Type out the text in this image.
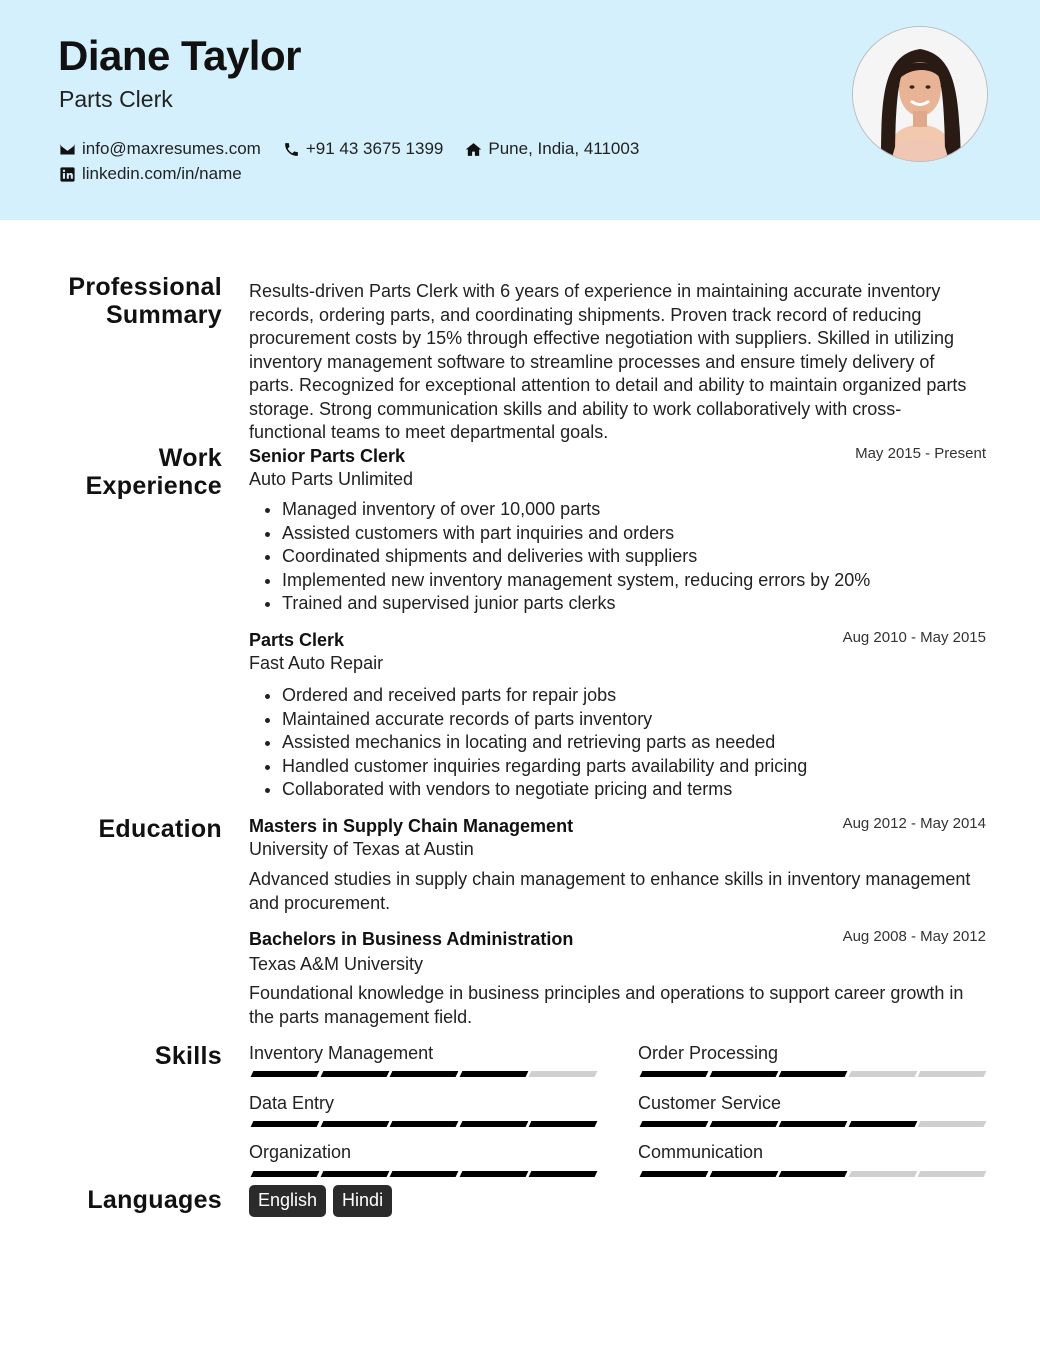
Diane Taylor
Parts Clerk
info@maxresumes.com	+91 43 3675 1399	Pune, India, 411003
linkedin.com/in/name
Professional
Summary
Results-driven Parts Clerk with 6 years of experience in maintaining accurate inventory
records, ordering parts, and coordinating shipments. Proven track record of reducing
procurement costs by 15% through effective negotiation with suppliers. Skilled in utilizing
inventory management software to streamline processes and ensure timely delivery of
parts. Recognized for exceptional attention to detail and ability to maintain organized parts
storage. Strong communication skills and ability to work collaboratively with cross-
functional teams to meet departmental goals.
Work
Experience
Senior Parts Clerk	May 2015 - Present
Auto Parts Unlimited
• Managed inventory of over 10,000 parts
• Assisted customers with part inquiries and orders
• Coordinated shipments and deliveries with suppliers
• Implemented new inventory management system, reducing errors by 20%
• Trained and supervised junior parts clerks
Parts Clerk	Aug 2010 - May 2015
Fast Auto Repair
• Ordered and received parts for repair jobs
• Maintained accurate records of parts inventory
• Assisted mechanics in locating and retrieving parts as needed
• Handled customer inquiries regarding parts availability and pricing
• Collaborated with vendors to negotiate pricing and terms
Education Masters in Supply Chain Management	Aug 2012 - May 2014
University of Texas at Austin
Advanced studies in supply chain management to enhance skills in inventory management
and procurement.
Bachelors in Business Administration	Aug 2008 - May 2012
Texas A&M University
Foundational knowledge in business principles and operations to support career growth in
the parts management field.
Skills Inventory Management	Order Processing
Data Entry	Customer Service
Organization	Communication
Languages	English	Hindi
